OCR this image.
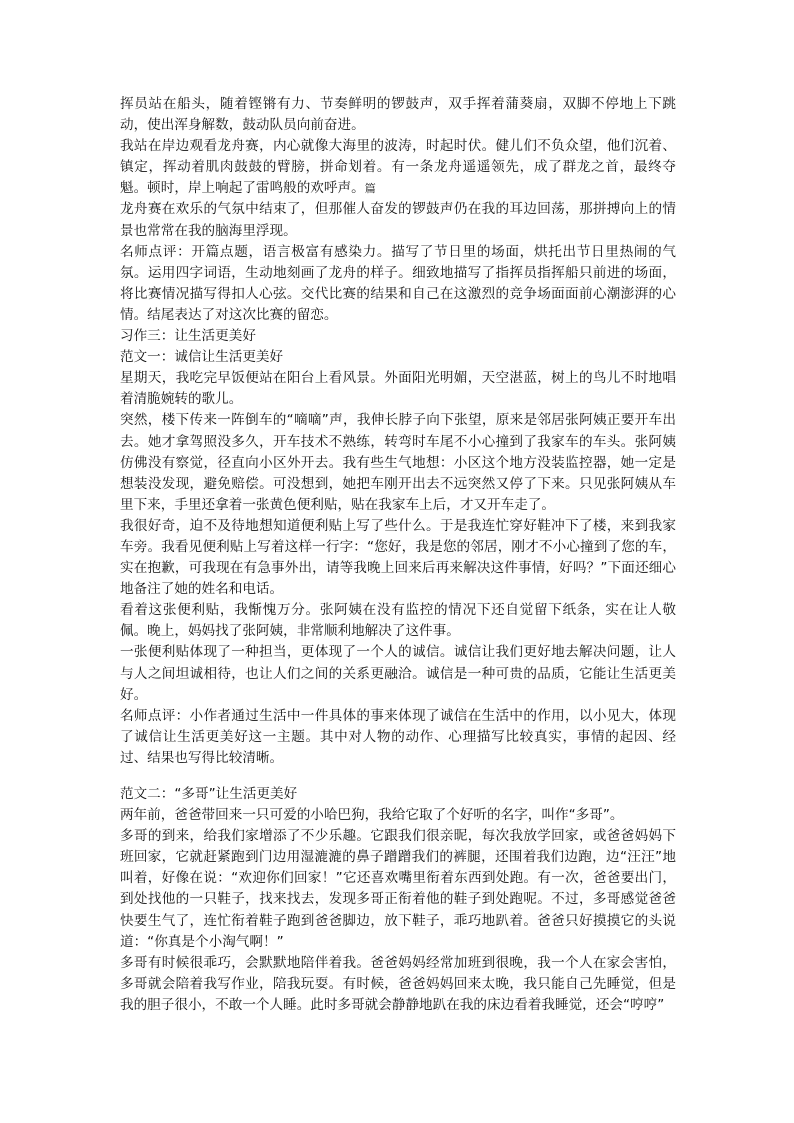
挥员站在船头，随着铿锵有力、节奏鲜明的锣鼓声，双手挥着蒲葵扇，双脚不停地上下跳动，使出浑身解数，鼓动队员向前奋进。

我站在岸边观看龙舟赛，内心就像大海里的波涛，时起时伏。健儿们不负众望，他们沉着、镇定，挥动着肌肉鼓鼓的臂膀，拼命划着。有一条龙舟遥遥领先，成了群龙之首，最终夺魁。顿时，岸上响起了雷鸣般的欢呼声。篇

龙舟赛在欢乐的气氛中结束了，但那催人奋发的锣鼓声仍在我的耳边回荡，那拼搏向上的情景也常常在我的脑海里浮现。

名师点评：开篇点题，语言极富有感染力。描写了节日里的场面，烘托出节日里热闹的气氛。运用四字词语，生动地刻画了龙舟的样子。细致地描写了指挥员指挥船只前进的场面，将比赛情况描写得扣人心弦。交代比赛的结果和自己在这激烈的竞争场面面前心潮澎湃的心情。结尾表达了对这次比赛的留恋。

习作三：让生活更美好

范文一：诚信让生活更美好

星期天，我吃完早饭便站在阳台上看风景。外面阳光明媚，天空湛蓝，树上的鸟儿不时地唱着清脆婉转的歌儿。

突然，楼下传来一阵倒车的“嘀嘀”声，我伸长脖子向下张望，原来是邻居张阿姨正要开车出去。她才拿驾照没多久，开车技术不熟练，转弯时车尾不小心撞到了我家车的车头。张阿姨仿佛没有察觉，径直向小区外开去。我有些生气地想：小区这个地方没装监控器，她一定是想装没发现，避免赔偿。可没想到，她把车刚开出去不远突然又停了下来。只见张阿姨从车里下来，手里还拿着一张黄色便利贴，贴在我家车上后，才又开车走了。

我很好奇，迫不及待地想知道便利贴上写了些什么。于是我连忙穿好鞋冲下了楼，来到我家车旁。我看见便利贴上写着这样一行字：“您好，我是您的邻居，刚才不小心撞到了您的车，实在抱歉，可我现在有急事外出，请等我晚上回来后再来解决这件事情，好吗？”下面还细心地备注了她的姓名和电话。

看着这张便利贴，我惭愧万分。张阿姨在没有监控的情况下还自觉留下纸条，实在让人敬佩。晚上，妈妈找了张阿姨，非常顺利地解决了这件事。

一张便利贴体现了一种担当，更体现了一个人的诚信。诚信让我们更好地去解决问题，让人与人之间坦诚相待，也让人们之间的关系更融洽。诚信是一种可贵的品质，它能让生活更美好。

名师点评：小作者通过生活中一件具体的事来体现了诚信在生活中的作用，以小见大，体现了诚信让生活更美好这一主题。其中对人物的动作、心理描写比较真实，事情的起因、经过、结果也写得比较清晰。

范文二：“多哥”让生活更美好

两年前，爸爸带回来一只可爱的小哈巴狗，我给它取了个好听的名字，叫作“多哥”。

多哥的到来，给我们家增添了不少乐趣。它跟我们很亲昵，每次我放学回家，或爸爸妈妈下班回家，它就赶紧跑到门边用湿漉漉的鼻子蹭蹭我们的裤腿，还围着我们边跑，边“汪汪”地叫着，好像在说：“欢迎你们回家！”它还喜欢嘴里衔着东西到处跑。有一次，爸爸要出门，到处找他的一只鞋子，找来找去，发现多哥正衔着他的鞋子到处跑呢。不过，多哥感觉爸爸快要生气了，连忙衔着鞋子跑到爸爸脚边，放下鞋子，乖巧地趴着。爸爸只好摸摸它的头说道：“你真是个小淘气啊！”

多哥有时候很乖巧，会默默地陪伴着我。爸爸妈妈经常加班到很晚，我一个人在家会害怕，多哥就会陪着我写作业，陪我玩耍。有时候，爸爸妈妈回来太晚，我只能自己先睡觉，但是我的胆子很小，不敢一个人睡。此时多哥就会静静地趴在我的床边看着我睡觉，还会“哼哼”
